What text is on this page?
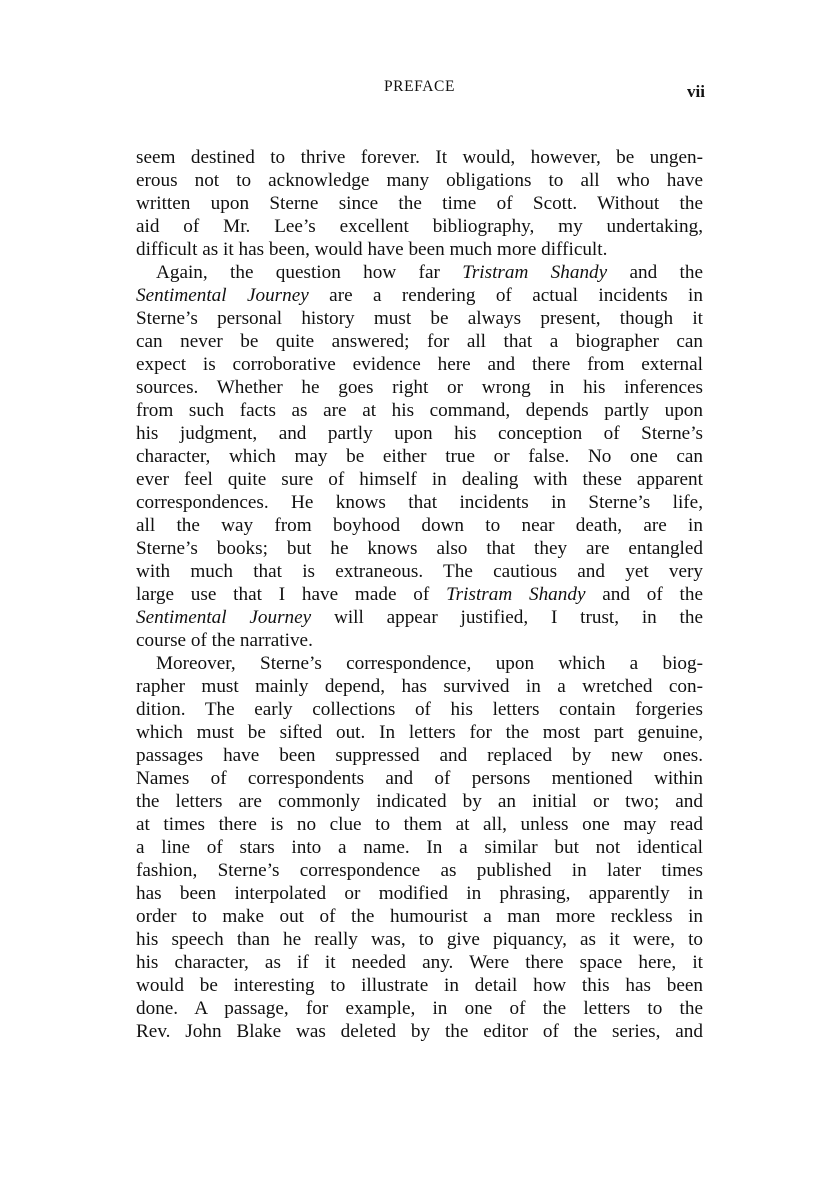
PREFACE	vii
seem destined to thrive forever. It would, however, be ungen-
erous not to acknowledge many obligations to all who have
written upon Sterne since the time of Scott. Without the
aid of Mr. Lee’s excellent bibliography, my undertaking,
difficult as it has been, would have been much more difficult.
Again, the question how far Tristram Shandy and the
Sentimental Journey are a rendering of actual incidents in
Sterne’s personal history must be always present, though it
can never be quite answered; for all that a biographer can
expect is corroborative evidence here and there from external
sources. Whether he goes right or wrong in his inferences
from such facts as are at his command, depends partly upon
his judgment, and partly upon his conception of Sterne’s
character, which may be either true or false. No one can
ever feel quite sure of himself in dealing with these apparent
correspondences. He knows that incidents in Sterne’s life,
all the way from boyhood down to near death, are in
Sterne’s books; but he knows also that they are entangled
with much that is extraneous. The cautious and yet very
large use that I have made of Tristram Shandy and of the
Sentimental Journey will appear justified, I trust, in the
course of the narrative.
Moreover, Sterne’s correspondence, upon which a biog-
rapher must mainly depend, has survived in a wretched con-
dition. The early collections of his letters contain forgeries
which must be sifted out. In letters for the most part genuine,
passages have been suppressed and replaced by new ones.
Names of correspondents and of persons mentioned within
the letters are commonly indicated by an initial or two; and
at times there is no clue to them at all, unless one may read
a line of stars into a name. In a similar but not identical
fashion, Sterne’s correspondence as published in later times
has been interpolated or modified in phrasing, apparently in
order to make out of the humourist a man more reckless in
his speech than he really was, to give piquancy, as it were, to
his character, as if it needed any. Were there space here, it
would be interesting to illustrate in detail how this has been
done. A passage, for example, in one of the letters to the
Rev. John Blake was deleted by the editor of the series, and
